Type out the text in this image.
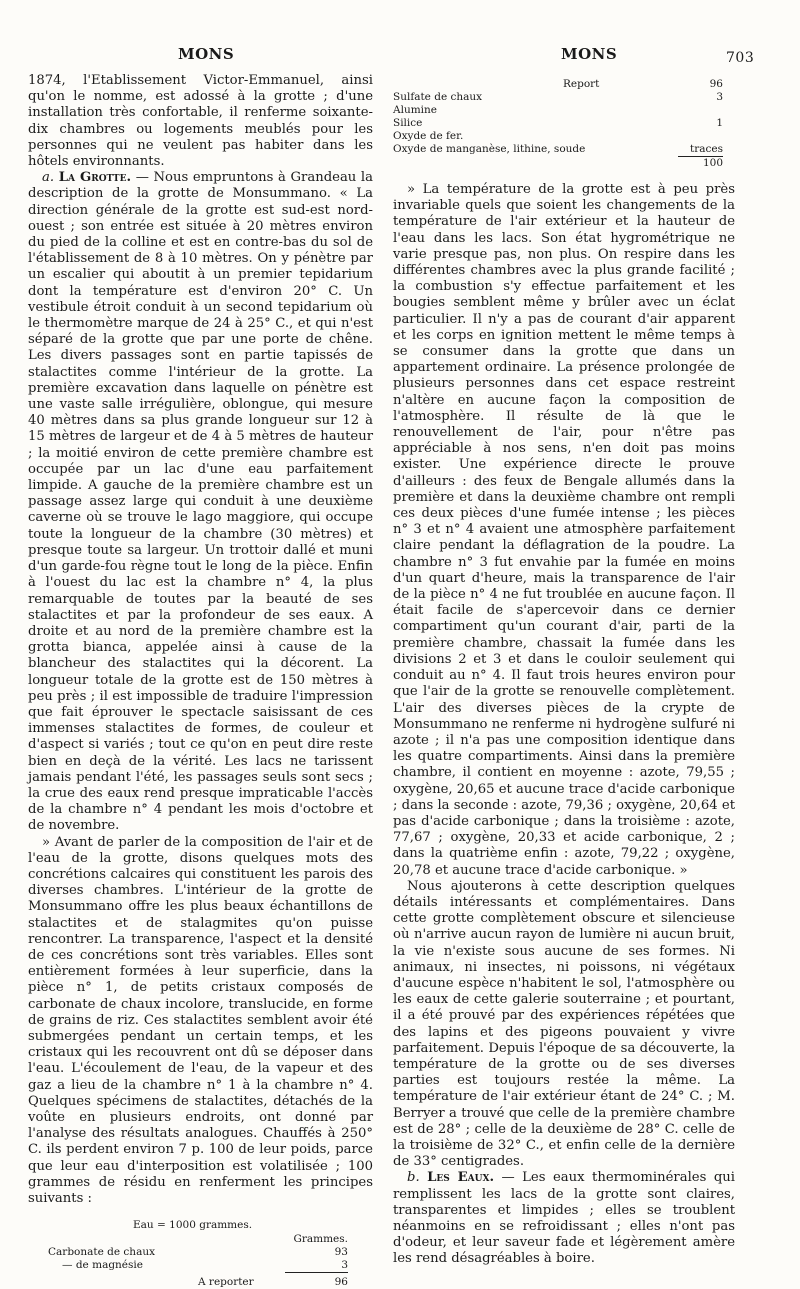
MONS	MONS	703

1874, l'Etablissement Victor-Emmanuel, ainsi qu'on le nomme, est adossé à la grotte ; d'une installation très confortable, il renferme soixante-dix chambres ou logements meublés pour les personnes qui ne veulent pas habiter dans les hôtels environnants.

a. La Grotte. — Nous empruntons à Grandeau la description de la grotte de Monsummano. « La direction générale de la grotte est sud-est nord-ouest ; son entrée est située à 20 mètres environ du pied de la colline et est en contre-bas du sol de l'établissement de 8 à 10 mètres. On y pénètre par un escalier qui aboutit à un premier tepidarium dont la température est d'environ 20° C. Un vestibule étroit conduit à un second tepidarium où le thermomètre marque de 24 à 25° C., et qui n'est séparé de la grotte que par une porte de chêne. Les divers passages sont en partie tapissés de stalactites comme l'intérieur de la grotte. La première excavation dans laquelle on pénètre est une vaste salle irrégulière, oblongue, qui mesure 40 mètres dans sa plus grande longueur sur 12 à 15 mètres de largeur et de 4 à 5 mètres de hauteur ; la moitié environ de cette première chambre est occupée par un lac d'une eau parfaitement limpide. A gauche de la première chambre est un passage assez large qui conduit à une deuxième caverne où se trouve le lago maggiore, qui occupe toute la longueur de la chambre (30 mètres) et presque toute sa largeur. Un trottoir dallé et muni d'un garde-fou règne tout le long de la pièce. Enfin à l'ouest du lac est la chambre n° 4, la plus remarquable de toutes par la beauté de ses stalactites et par la profondeur de ses eaux. A droite et au nord de la première chambre est la grotta bianca, appelée ainsi à cause de la blancheur des stalactites qui la décorent. La longueur totale de la grotte est de 150 mètres à peu près ; il est impossible de traduire l'impression que fait éprouver le spectacle saisissant de ces immenses stalactites de formes, de couleur et d'aspect si variés ; tout ce qu'on en peut dire reste bien en deçà de la vérité. Les lacs ne tarissent jamais pendant l'été, les passages seuls sont secs ; la crue des eaux rend presque impraticable l'accès de la chambre n° 4 pendant les mois d'octobre et de novembre.

» Avant de parler de la composition de l'air et de l'eau de la grotte, disons quelques mots des concrétions calcaires qui constituent les parois des diverses chambres. L'intérieur de la grotte de Monsummano offre les plus beaux échantillons de stalactites et de stalagmites qu'on puisse rencontrer. La transparence, l'aspect et la densité de ces concrétions sont très variables. Elles sont entièrement formées à leur superficie, dans la pièce n° 1, de petits cristaux composés de carbonate de chaux incolore, translucide, en forme de grains de riz. Ces stalactites semblent avoir été submergées pendant un certain temps, et les cristaux qui les recouvrent ont dû se déposer dans l'eau. L'écoulement de l'eau, de la vapeur et des gaz a lieu de la chambre n° 1 à la chambre n° 4. Quelques spécimens de stalactites, détachés de la voûte en plusieurs endroits, ont donné par l'analyse des résultats analogues. Chauffés à 250° C. ils perdent environ 7 p. 100 de leur poids, parce que leur eau d'interposition est volatilisée ; 100 grammes de résidu en renferment les principes suivants :

Eau = 1000 grammes.
	Grammes.
Carbonate de chaux	93
— de magnésie	3
A reporter	96
Report	96
Sulfate de chaux	3
Alumine	
Silice	1
Oxyde de fer.	
Oxyde de manganèse, lithine, soude	traces
	100

» La température de la grotte est à peu près invariable quels que soient les changements de la température de l'air extérieur et la hauteur de l'eau dans les lacs. Son état hygrométrique ne varie presque pas, non plus. On respire dans les différentes chambres avec la plus grande facilité ; la combustion s'y effectue parfaitement et les bougies semblent même y brûler avec un éclat particulier. Il n'y a pas de courant d'air apparent et les corps en ignition mettent le même temps à se consumer dans la grotte que dans un appartement ordinaire. La présence prolongée de plusieurs personnes dans cet espace restreint n'altère en aucune façon la composition de l'atmosphère. Il résulte de là que le renouvellement de l'air, pour n'être pas appréciable à nos sens, n'en doit pas moins exister. Une expérience directe le prouve d'ailleurs : des feux de Bengale allumés dans la première et dans la deuxième chambre ont rempli ces deux pièces d'une fumée intense ; les pièces n° 3 et n° 4 avaient une atmosphère parfaitement claire pendant la déflagration de la poudre. La chambre n° 3 fut envahie par la fumée en moins d'un quart d'heure, mais la transparence de l'air de la pièce n° 4 ne fut troublée en aucune façon. Il était facile de s'apercevoir dans ce dernier compartiment qu'un courant d'air, parti de la première chambre, chassait la fumée dans les divisions 2 et 3 et dans le couloir seulement qui conduit au n° 4. Il faut trois heures environ pour que l'air de la grotte se renouvelle complètement. L'air des diverses pièces de la crypte de Monsummano ne renferme ni hydrogène sulfuré ni azote ; il n'a pas une composition identique dans les quatre compartiments. Ainsi dans la première chambre, il contient en moyenne : azote, 79,55 ; oxygène, 20,65 et aucune trace d'acide carbonique ; dans la seconde : azote, 79,36 ; oxygène, 20,64 et pas d'acide carbonique ; dans la troisième : azote, 77,67 ; oxygène, 20,33 et acide carbonique, 2 ; dans la quatrième enfin : azote, 79,22 ; oxygène, 20,78 et aucune trace d'acide carbonique. »

Nous ajouterons à cette description quelques détails intéressants et complémentaires. Dans cette grotte complètement obscure et silencieuse où n'arrive aucun rayon de lumière ni aucun bruit, la vie n'existe sous aucune de ses formes. Ni animaux, ni insectes, ni poissons, ni végétaux d'aucune espèce n'habitent le sol, l'atmosphère ou les eaux de cette galerie souterraine ; et pourtant, il a été prouvé par des expériences répétées que des lapins et des pigeons pouvaient y vivre parfaitement. Depuis l'époque de sa découverte, la température de la grotte ou de ses diverses parties est toujours restée la même. La température de l'air extérieur étant de 24° C. ; M. Berryer a trouvé que celle de la première chambre est de 28° ; celle de la deuxième de 28° C. celle de la troisième de 32° C., et enfin celle de la dernière de 33° centigrades.

b. Les Eaux. — Les eaux thermominérales qui remplissent les lacs de la grotte sont claires, transparentes et limpides ; elles se troublent néanmoins en se refroidissant ; elles n'ont pas d'odeur, et leur saveur fade et légèrement amère les rend désagréables à boire.
